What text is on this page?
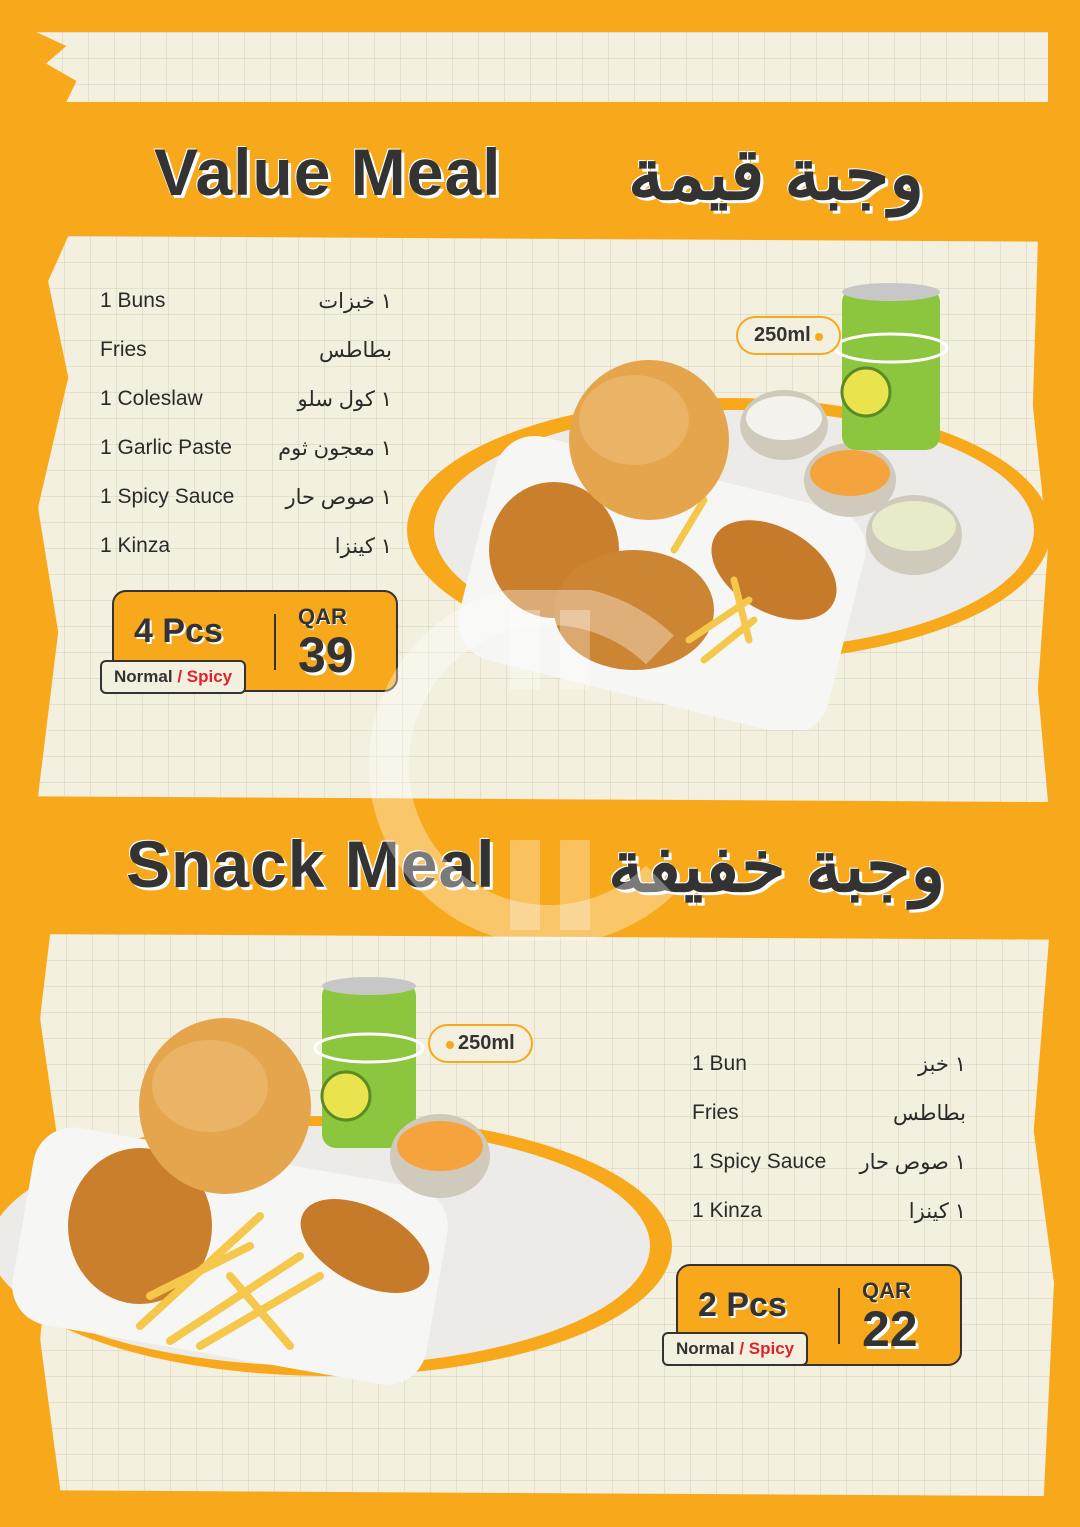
Value Meal وجبة قيمة
1 Buns	١ خبزات
Fries	بطاطس
1 Coleslaw	١ كول سلو
1 Garlic Paste ١ معجون ثوم
1 Spicy Sauce ١ صوص حار
1 Kinza	١ كينزا
4 Pcs	QAR
39
Normal / Spicy
250ml
Snack Meal وجبة خفيفة
1 Bun	١ خبز
Fries	بطاطس
1 Spicy Sauce ١ صوص حار
1 Kinza	١ كينزا
2 Pcs	QAR
22
Normal / Spicy
250ml
